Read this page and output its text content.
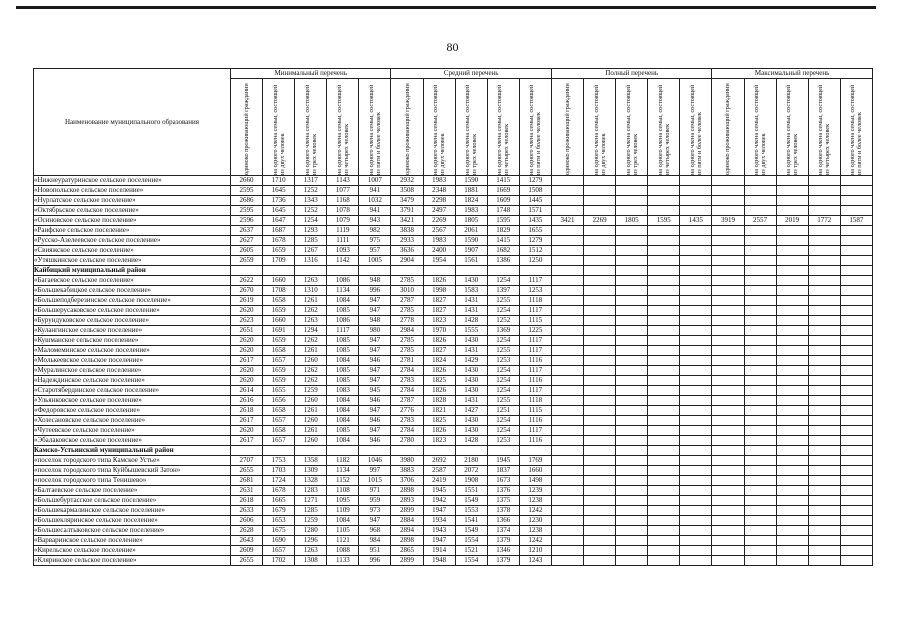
80
Наименование муниципального образования	Минимальный перечень					Средний перечень					Полный перечень					Максимальный перечень				

	одиноко проживающий гражданин	на одного члена семьи, состоящей из двух человек	на одного члена семьи, состоящей из трех человек	на одного члена семьи, состоящей из четырех человек	на одного члена семьи, состоящей из пяти и более человек	одиноко проживающий гражданин	на одного члена семьи, состоящей из двух человек	на одного члена семьи, состоящей из трех человек	на одного члена семьи, состоящей из четырех человек	на одного члена семьи, состоящей из пяти и более человек	одиноко проживающий гражданин	на одного члена семьи, состоящей из двух человек	на одного члена семьи, состоящей из трех человек	на одного члена семьи, состоящей из четырех человек	на одного члена семьи, состоящей из пяти и более человек	одиноко проживающий гражданин	на одного члена семьи, состоящей из двух человек	на одного члена семьи, состоящей из трех человек	на одного члена семьи, состоящей из четырех человек	на одного члена семьи, состоящей из пяти и более человек

«Нижнеуратуринское сельское поселение»	2660	1710	1317	1143	1007	2932	1983	1590	1415	1279										
«Новопольское сельское поселение»	2595	1645	1252	1077	941	3508	2348	1881	1669	1508										
«Нурлатское сельское поселение»	2686	1736	1343	1168	1032	3479	2298	1824	1609	1445										
«Октябрьское сельское поселение»	2595	1645	1252	1078	941	3791	2497	1983	1748	1571										
«Осиновское сельское поселение»	2596	1647	1254	1079	943	3421	2269	1805	1595	1435	3421	2269	1805	1595	1435	3919	2557	2019	1772	1587
«Раифское сельское поселение»	2637	1687	1293	1119	982	3838	2567	2061	1829	1655										
«Русско-Азелеевское сельское поселение»	2627	1678	1285	1111	975	2933	1983	1590	1415	1279										
«Свияжское сельское поселение»	2605	1659	1267	1093	957	3636	2400	1907	1682	1512										
«Утяшкинское сельское поселение»	2659	1709	1316	1142	1005	2904	1954	1561	1386	1250										
Кайбицкий муниципальный район																				
«Багаевское сельское поселение»	2622	1660	1263	1086	948	2785	1826	1430	1254	1117										
«Большекабицкое сельское поселение»	2670	1708	1310	1134	996	3010	1998	1583	1397	1253										
«Большеподберезинское сельское поселение»	2619	1658	1261	1084	947	2787	1827	1431	1255	1118										
«Большерусаковское сельское поселение»	2620	1659	1262	1085	947	2785	1827	1431	1254	1117										
«Бурундуковское сельское поселение»	2623	1660	1263	1086	948	2778	1823	1428	1252	1115										
«Кулангинское сельское поселение»	2651	1691	1294	1117	980	2984	1970	1555	1369	1225										
«Кушманское сельское поселение»	2620	1659	1262	1085	947	2785	1826	1430	1254	1117										
«Маломеминское сельское поселение»	2620	1658	1261	1085	947	2785	1827	1431	1255	1117										
«Молькеевское сельское поселение»	2617	1657	1260	1084	946	2781	1824	1429	1253	1116										
«Муралинское сельское поселение»	2620	1659	1262	1085	947	2784	1826	1430	1254	1117										
«Надеждинское сельское поселение»	2620	1659	1262	1085	947	2783	1825	1430	1254	1116										
«Старотябердинское сельское поселение»	2614	1655	1259	1083	945	2784	1826	1430	1254	1117										
«Ульянковское сельское поселение»	2616	1656	1260	1084	946	2787	1828	1431	1255	1118										
«Федоровское сельское поселение»	2618	1658	1261	1084	947	2776	1821	1427	1251	1115										
«Хозесановское сельское поселение»	2617	1657	1260	1084	946	2783	1825	1430	1254	1116										
«Чутеевское сельское поселение»	2620	1658	1261	1085	947	2784	1826	1430	1254	1117										
«Эбалаковское сельское поселение»	2617	1657	1260	1084	946	2780	1823	1428	1253	1116										
Камско-Устьинский муниципальный район																				
«поселок городского типа Камское Устье»	2707	1753	1358	1182	1046	3980	2692	2180	1945	1769										
«поселок городского типа Куйбышевский Затон»	2655	1703	1309	1134	997	3883	2587	2072	1837	1660										
«поселок городского типа Тенишево»	2681	1724	1328	1152	1015	3706	2419	1908	1673	1498										
«Балтаевское сельское поселение»	2631	1678	1283	1108	971	2898	1945	1551	1376	1239										
«Большебуртасское сельское поселение»	2618	1665	1271	1095	959	2893	1942	1549	1375	1238										
«Большекармалинское сельское поселение»	2633	1679	1285	1109	973	2899	1947	1553	1378	1242										
«Большекляринское сельское поселение»	2606	1653	1259	1084	947	2884	1934	1541	1366	1230										
«Большесалтыковское сельское поселение»	2628	1675	1280	1105	968	2894	1943	1549	1374	1238										
«Варваринское сельское поселение»	2643	1690	1296	1121	984	2898	1947	1554	1379	1242										
«Кирельское сельское поселение»	2609	1657	1263	1088	951	2865	1914	1521	1346	1210										
«Кляринское сельское поселение»	2655	1702	1308	1133	996	2899	1948	1554	1379	1243										
